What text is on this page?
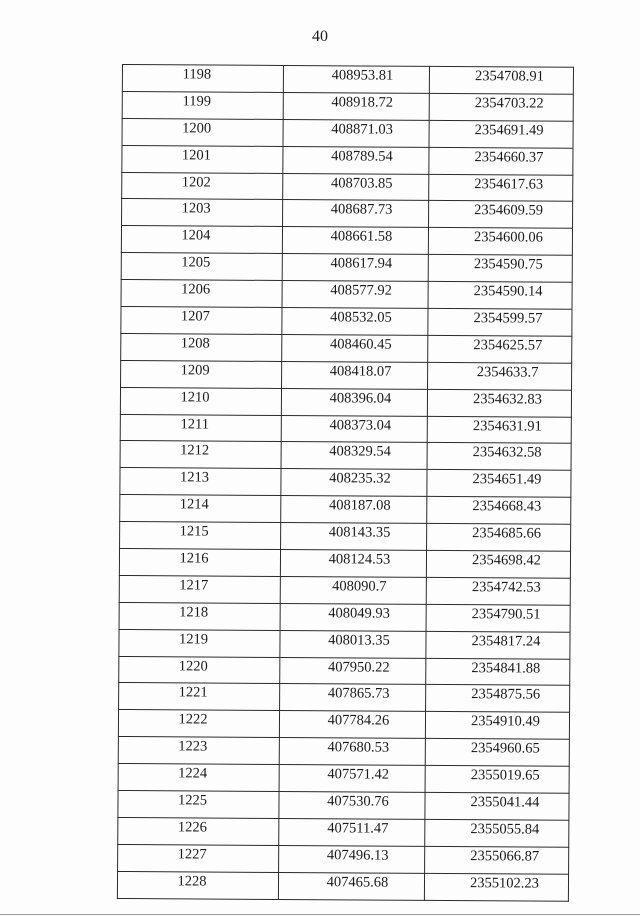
40
1198	408953.81	2354708.91
1199	408918.72	2354703.22
1200	408871.03	2354691.49
1201	408789.54	2354660.37
1202	408703.85	2354617.63
1203	408687.73	2354609.59
1204	408661.58	2354600.06
1205	408617.94	2354590.75
1206	408577.92	2354590.14
1207	408532.05	2354599.57
1208	408460.45	2354625.57
1209	408418.07	2354633.7
1210	408396.04	2354632.83
1211	408373.04	2354631.91
1212	408329.54	2354632.58
1213	408235.32	2354651.49
1214	408187.08	2354668.43
1215	408143.35	2354685.66
1216	408124.53	2354698.42
1217	408090.7	2354742.53
1218	408049.93	2354790.51
1219	408013.35	2354817.24
1220	407950.22	2354841.88
1221	407865.73	2354875.56
1222	407784.26	2354910.49
1223	407680.53	2354960.65
1224	407571.42	2355019.65
1225	407530.76	2355041.44
1226	407511.47	2355055.84
1227	407496.13	2355066.87
1228	407465.68	2355102.23
